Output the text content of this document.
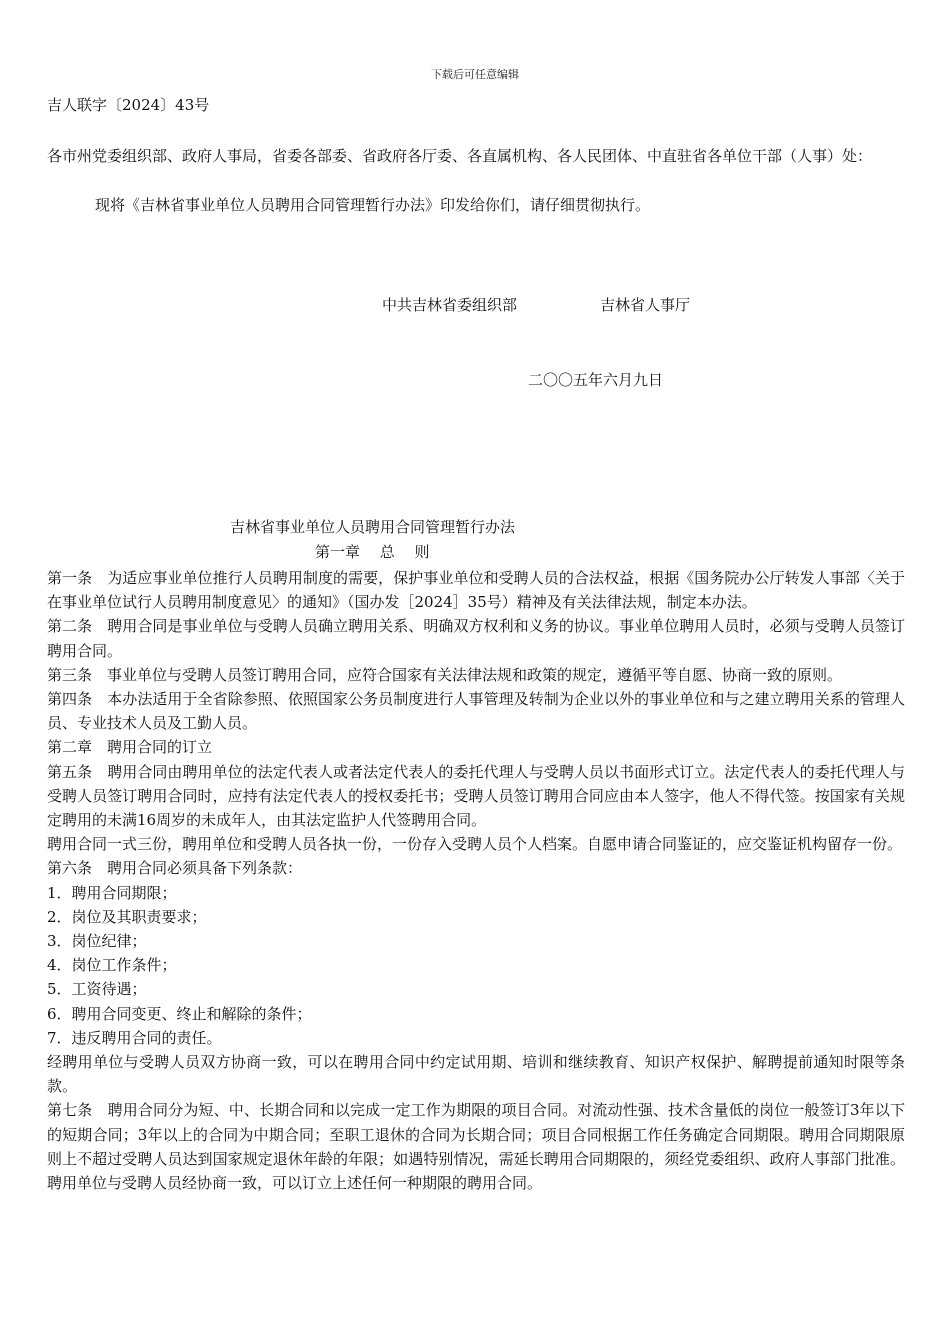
下载后可任意编辑
吉人联字〔2024〕43号
各市州党委组织部、政府人事局，省委各部委、省政府各厅委、各直属机构、各人民团体、中直驻省各单位干部（人事）处：
现将《吉林省事业单位人员聘用合同管理暂行办法》印发给你们，请仔细贯彻执行。
中共吉林省委组织部	吉林省人事厅
二〇〇五年六月九日
吉林省事业单位人员聘用合同管理暂行办法
第一章　 总　 则

第一条　为适应事业单位推行人员聘用制度的需要，保护事业单位和受聘人员的合法权益，根据《国务院办公厅转发人事部〈关于在事业单位试行人员聘用制度意见〉的通知》（国办发［2024］35号）精神及有关法律法规，制定本办法。

第二条　聘用合同是事业单位与受聘人员确立聘用关系、明确双方权利和义务的协议。事业单位聘用人员时，必须与受聘人员签订聘用合同。

第三条　事业单位与受聘人员签订聘用合同，应符合国家有关法律法规和政策的规定，遵循平等自愿、协商一致的原则。

第四条　本办法适用于全省除参照、依照国家公务员制度进行人事管理及转制为企业以外的事业单位和与之建立聘用关系的管理人员、专业技术人员及工勤人员。

第二章　聘用合同的订立

第五条　聘用合同由聘用单位的法定代表人或者法定代表人的委托代理人与受聘人员以书面形式订立。法定代表人的委托代理人与受聘人员签订聘用合同时，应持有法定代表人的授权委托书；受聘人员签订聘用合同应由本人签字，他人不得代签。按国家有关规定聘用的未满16周岁的未成年人，由其法定监护人代签聘用合同。

聘用合同一式三份，聘用单位和受聘人员各执一份，一份存入受聘人员个人档案。自愿申请合同鉴证的，应交鉴证机构留存一份。

第六条　聘用合同必须具备下列条款：

1．聘用合同期限；

2．岗位及其职责要求；

3．岗位纪律；

4．岗位工作条件；

5．工资待遇；

6．聘用合同变更、终止和解除的条件；

7．违反聘用合同的责任。

经聘用单位与受聘人员双方协商一致，可以在聘用合同中约定试用期、培训和继续教育、知识产权保护、解聘提前通知时限等条款。

第七条　聘用合同分为短、中、长期合同和以完成一定工作为期限的项目合同。对流动性强、技术含量低的岗位一般签订3年以下的短期合同；3年以上的合同为中期合同；至职工退休的合同为长期合同；项目合同根据工作任务确定合同期限。聘用合同期限原则上不超过受聘人员达到国家规定退休年龄的年限；如遇特别情况，需延长聘用合同期限的，须经党委组织、政府人事部门批准。聘用单位与受聘人员经协商一致，可以订立上述任何一种期限的聘用合同。
